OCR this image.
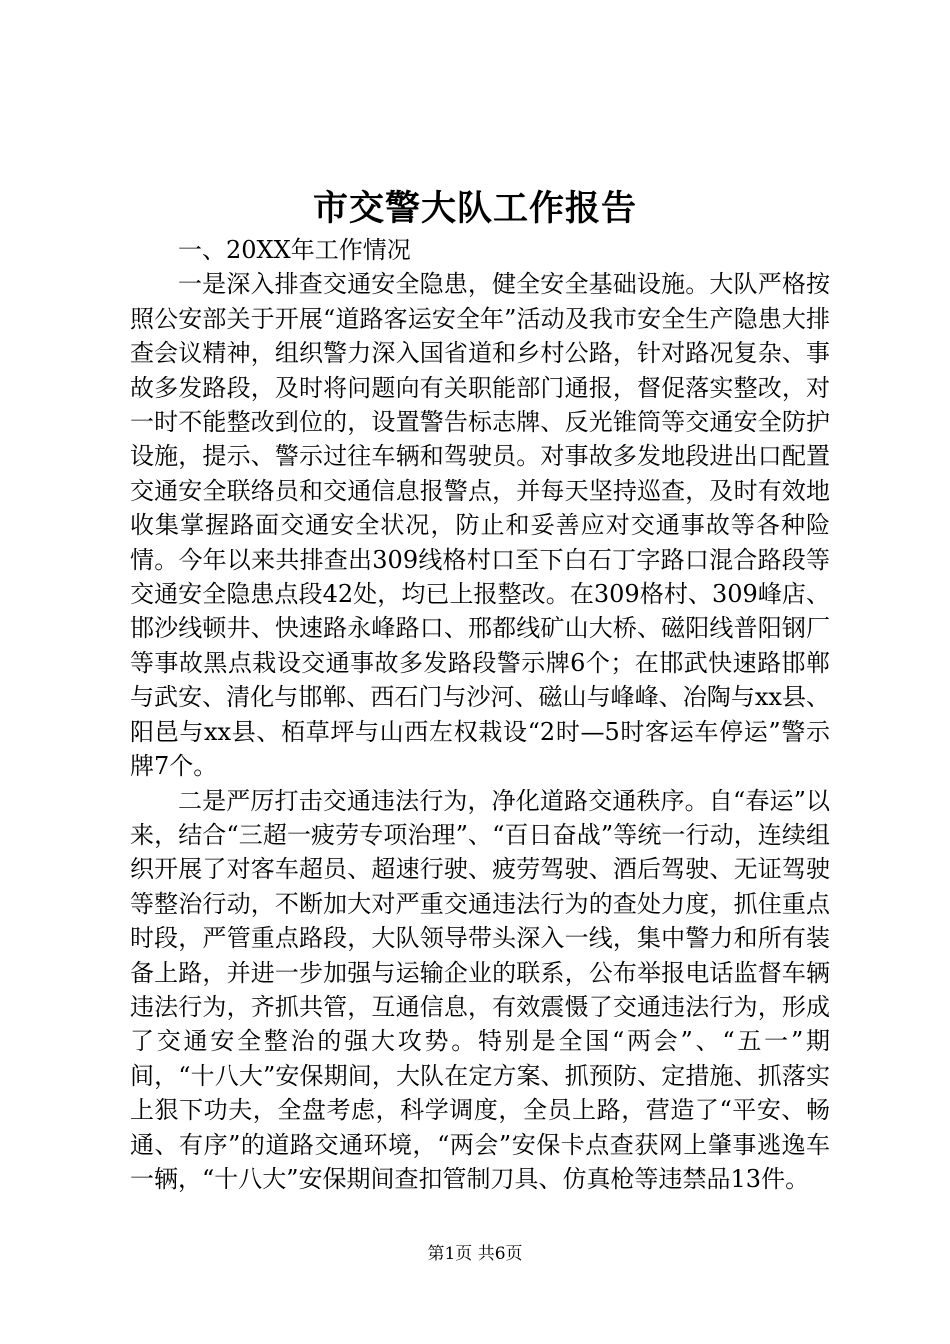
市交警大队工作报告

一、20XX年工作情况

一是深入排查交通安全隐患，健全安全基础设施。大队严格按照公安部关于开展“道路客运安全年”活动及我市安全生产隐患大排查会议精神，组织警力深入国省道和乡村公路，针对路况复杂、事故多发路段，及时将问题向有关职能部门通报，督促落实整改，对一时不能整改到位的，设置警告标志牌、反光锥筒等交通安全防护设施，提示、警示过往车辆和驾驶员。对事故多发地段进出口配置交通安全联络员和交通信息报警点，并每天坚持巡查，及时有效地收集掌握路面交通安全状况，防止和妥善应对交通事故等各种险情。今年以来共排查出309线格村口至下白石丁字路口混合路段等交通安全隐患点段42处，均已上报整改。在309格村、309峰店、邯沙线顿井、快速路永峰路口、邢都线矿山大桥、磁阳线普阳钢厂等事故黑点栽设交通事故多发路段警示牌6个；在邯武快速路邯郸与武安、清化与邯郸、西石门与沙河、磁山与峰峰、冶陶与xx县、阳邑与xx县、栢草坪与山西左权栽设“2时—5时客运车停运”警示牌7个。

二是严厉打击交通违法行为，净化道路交通秩序。自“春运”以来，结合“三超一疲劳专项治理”、“百日奋战”等统一行动，连续组织开展了对客车超员、超速行驶、疲劳驾驶、酒后驾驶、无证驾驶等整治行动，不断加大对严重交通违法行为的查处力度，抓住重点时段，严管重点路段，大队领导带头深入一线，集中警力和所有装备上路，并进一步加强与运输企业的联系，公布举报电话监督车辆违法行为，齐抓共管，互通信息，有效震慑了交通违法行为，形成了交通安全整治的强大攻势。特别是全国“两会”、“五一”期间，“十八大”安保期间，大队在定方案、抓预防、定措施、抓落实上狠下功夫，全盘考虑，科学调度，全员上路，营造了“平安、畅通、有序”的道路交通环境，“两会”安保卡点查获网上肇事逃逸车一辆，“十八大”安保期间查扣管制刀具、仿真枪等违禁品13件。

第1页 共6页
